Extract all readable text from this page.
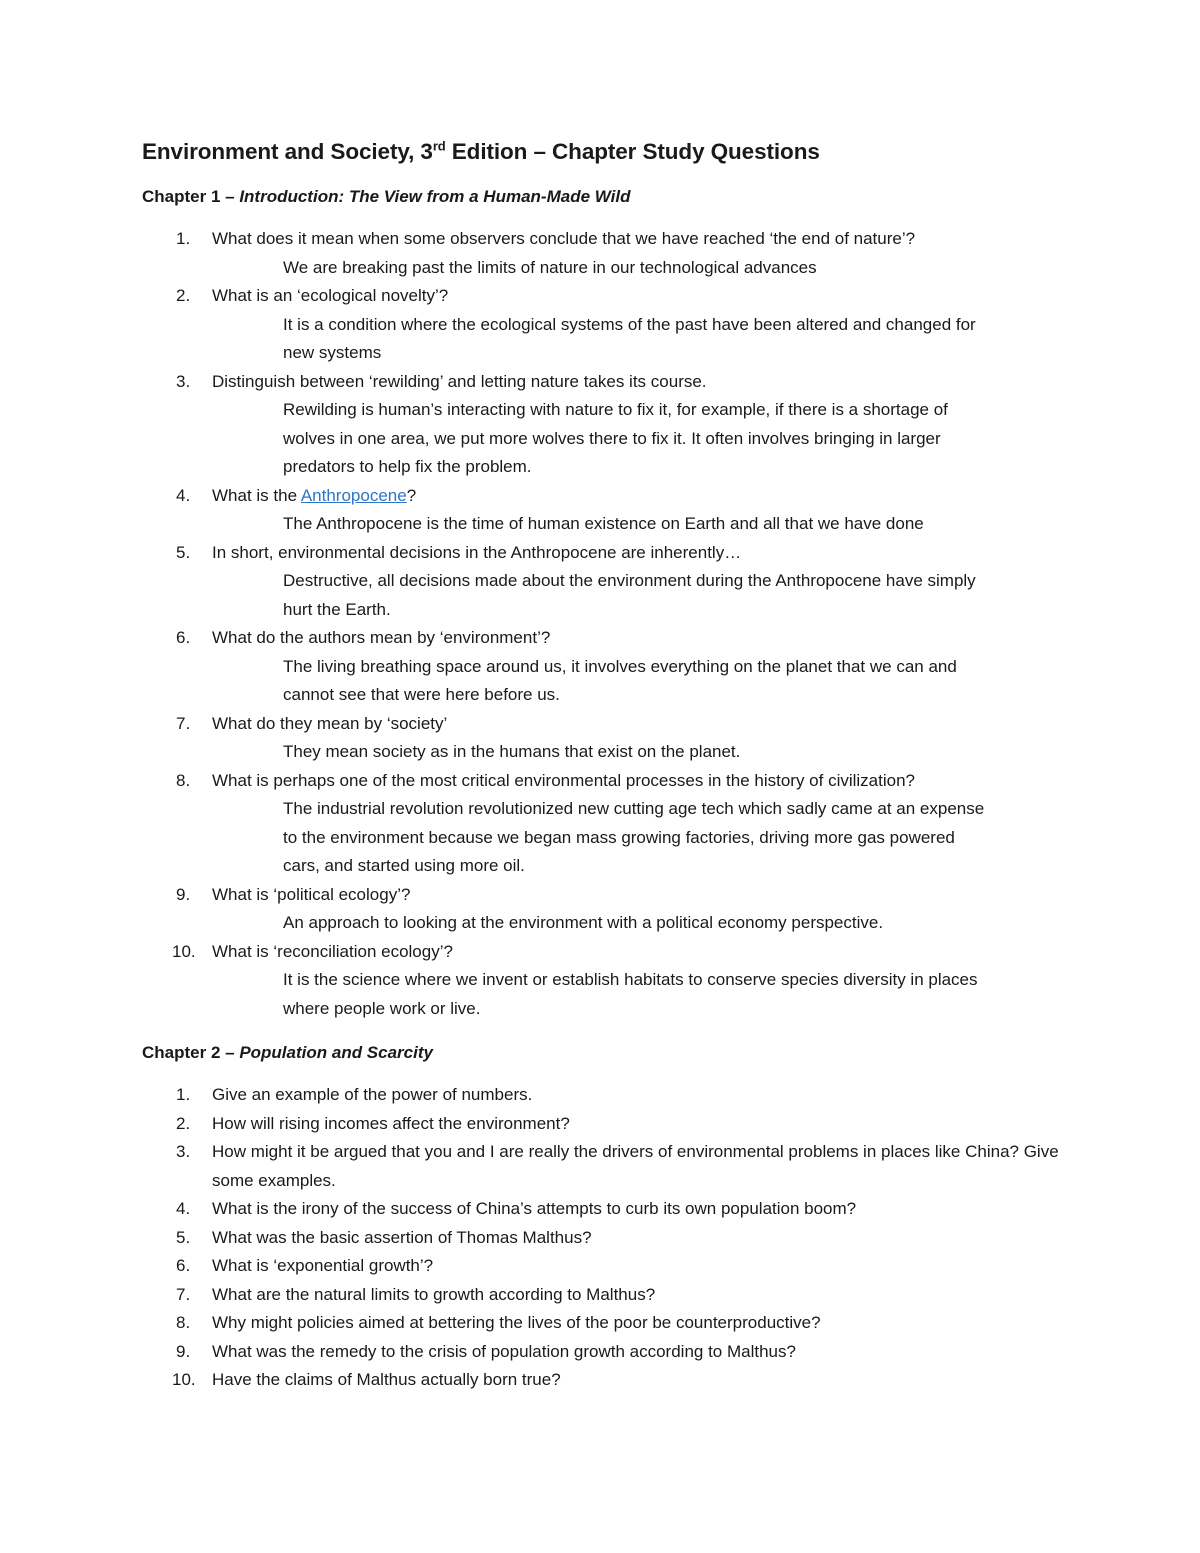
Environment and Society, 3rd Edition – Chapter Study Questions
Chapter 1 – Introduction: The View from a Human-Made Wild
1.	What does it mean when some observers conclude that we have reached ‘the end of nature’?
We are breaking past the limits of nature in our technological advances
2.	What is an ‘ecological novelty’?
It is a condition where the ecological systems of the past have been altered and changed for new systems
3.	Distinguish between ‘rewilding’ and letting nature takes its course.
Rewilding is human’s interacting with nature to fix it, for example, if there is a shortage of wolves in one area, we put more wolves there to fix it. It often involves bringing in larger predators to help fix the problem.
4.	What is the Anthropocene?
The Anthropocene is the time of human existence on Earth and all that we have done
5.	In short, environmental decisions in the Anthropocene are inherently…
Destructive, all decisions made about the environment during the Anthropocene have simply hurt the Earth.
6.	What do the authors mean by ‘environment’?
The living breathing space around us, it involves everything on the planet that we can and cannot see that were here before us.
7.	What do they mean by ‘society’
They mean society as in the humans that exist on the planet.
8.	What is perhaps one of the most critical environmental processes in the history of civilization?
The industrial revolution revolutionized new cutting age tech which sadly came at an expense to the environment because we began mass growing factories, driving more gas powered cars, and started using more oil.
9.	What is ‘political ecology’?
An approach to looking at the environment with a political economy perspective.
10. What is ‘reconciliation ecology’?
It is the science where we invent or establish habitats to conserve species diversity in places where people work or live.
Chapter 2 – Population and Scarcity
1.	Give an example of the power of numbers.
2.	How will rising incomes affect the environment?
3.	How might it be argued that you and I are really the drivers of environmental problems in places like China? Give some examples.
4.	What is the irony of the success of China’s attempts to curb its own population boom?
5.	What was the basic assertion of Thomas Malthus?
6.	What is ‘exponential growth’?
7.	What are the natural limits to growth according to Malthus?
8.	Why might policies aimed at bettering the lives of the poor be counterproductive?
9.	What was the remedy to the crisis of population growth according to Malthus?
10. Have the claims of Malthus actually born true?
